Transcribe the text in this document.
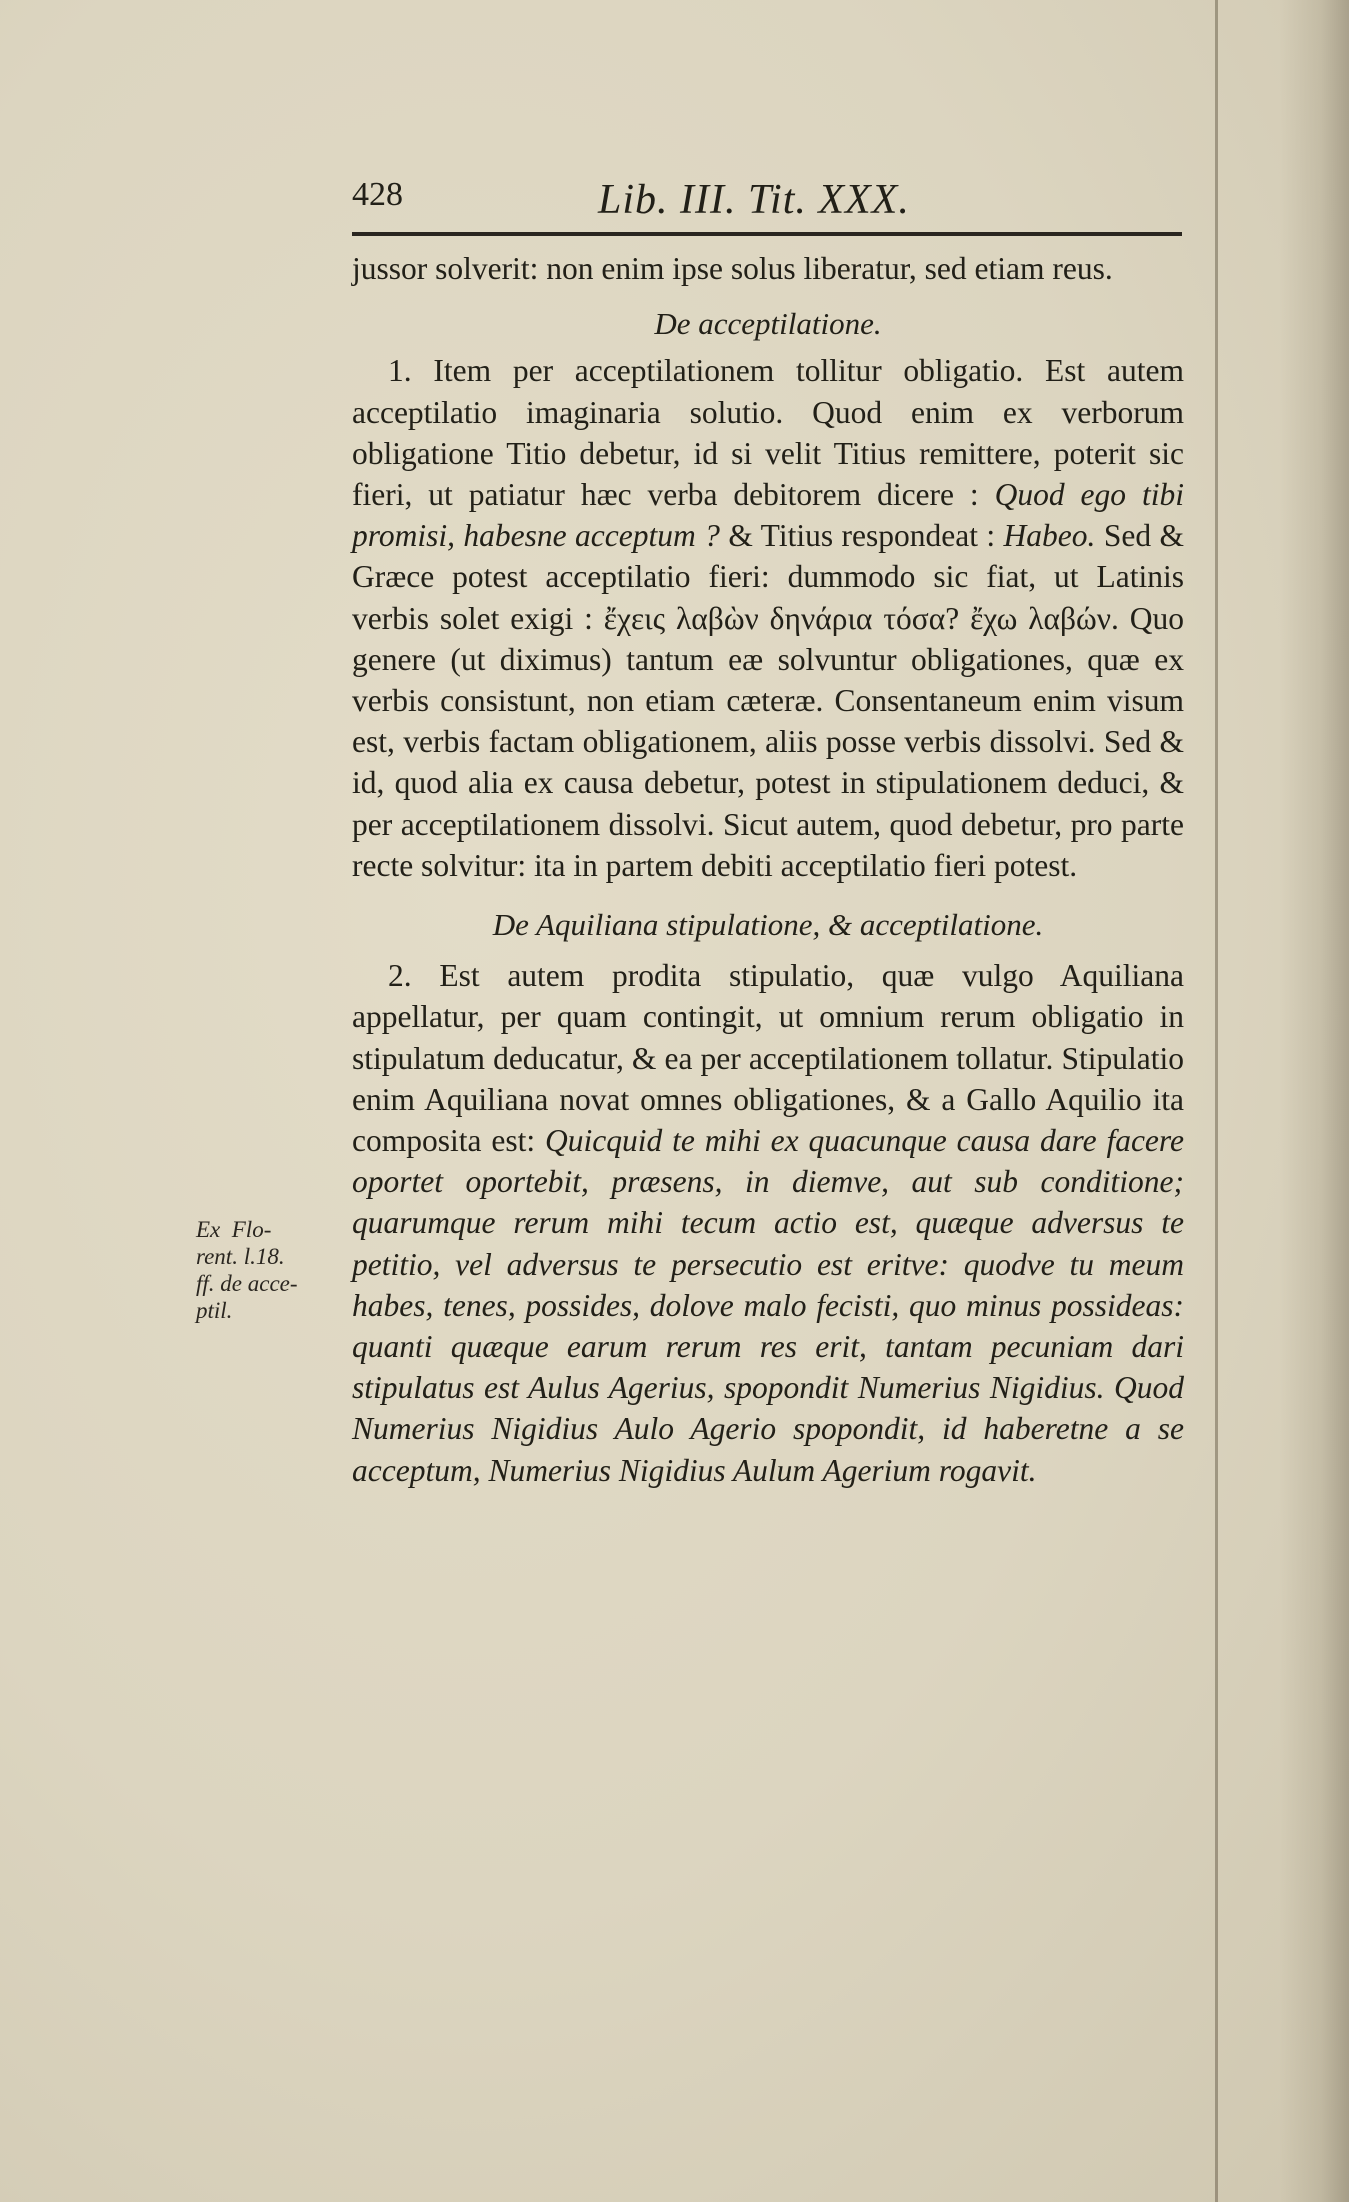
428	Lib. III. Tit. XXX.
Ex  Flo-
rent. l.18.
ff. de acce-
ptil.

jussor solverit: non enim ipse solus liberatur, sed etiam reus.

De acceptilatione.

1. Item per acceptilationem tollitur obligatio. Est autem acceptilatio imaginaria solutio. Quod enim ex verborum obligatione Titio debetur, id si velit Titius remittere, poterit sic fieri, ut patiatur hæc verba debitorem dicere : Quod ego tibi promisi, habesne acceptum ? & Titius respondeat : Habeo. Sed & Græce potest acceptilatio fieri: dummodo sic fiat, ut Latinis verbis solet exigi : ἔχεις λαβὼν δηνάρια τόσα? ἔχω λαβών. Quo genere (ut diximus) tantum eæ solvuntur obligationes, quæ ex verbis consistunt, non etiam cæteræ. Consentaneum enim visum est, verbis factam obligationem, aliis posse verbis dissolvi. Sed & id, quod alia ex causa debetur, potest in stipulationem deduci, & per acceptilationem dissolvi. Sicut autem, quod debetur, pro parte recte solvitur: ita in partem debiti acceptilatio fieri potest.

De Aquiliana stipulatione, & acceptilatione.

2. Est autem prodita stipulatio, quæ vulgo Aquiliana appellatur, per quam contingit, ut omnium rerum obligatio in stipulatum deducatur, & ea per acceptilationem tollatur. Stipulatio enim Aquiliana novat omnes obligationes, & a Gallo Aquilio ita composita est: Quicquid te mihi ex quacunque causa dare facere oportet oportebit, præsens, in diemve, aut sub conditione; quarumque rerum mihi tecum actio est, quæque adversus te petitio, vel adversus te persecutio est eritve: quodve tu meum habes, tenes, possides, dolove malo fecisti, quo minus possideas: quanti quæque earum rerum res erit, tantam pecuniam dari stipulatus est Aulus Agerius, spopondit Numerius Nigidius. Quod Numerius Nigidius Aulo Agerio spopondit, id haberetne a se acceptum, Numerius Nigidius Aulum Agerium rogavit.
